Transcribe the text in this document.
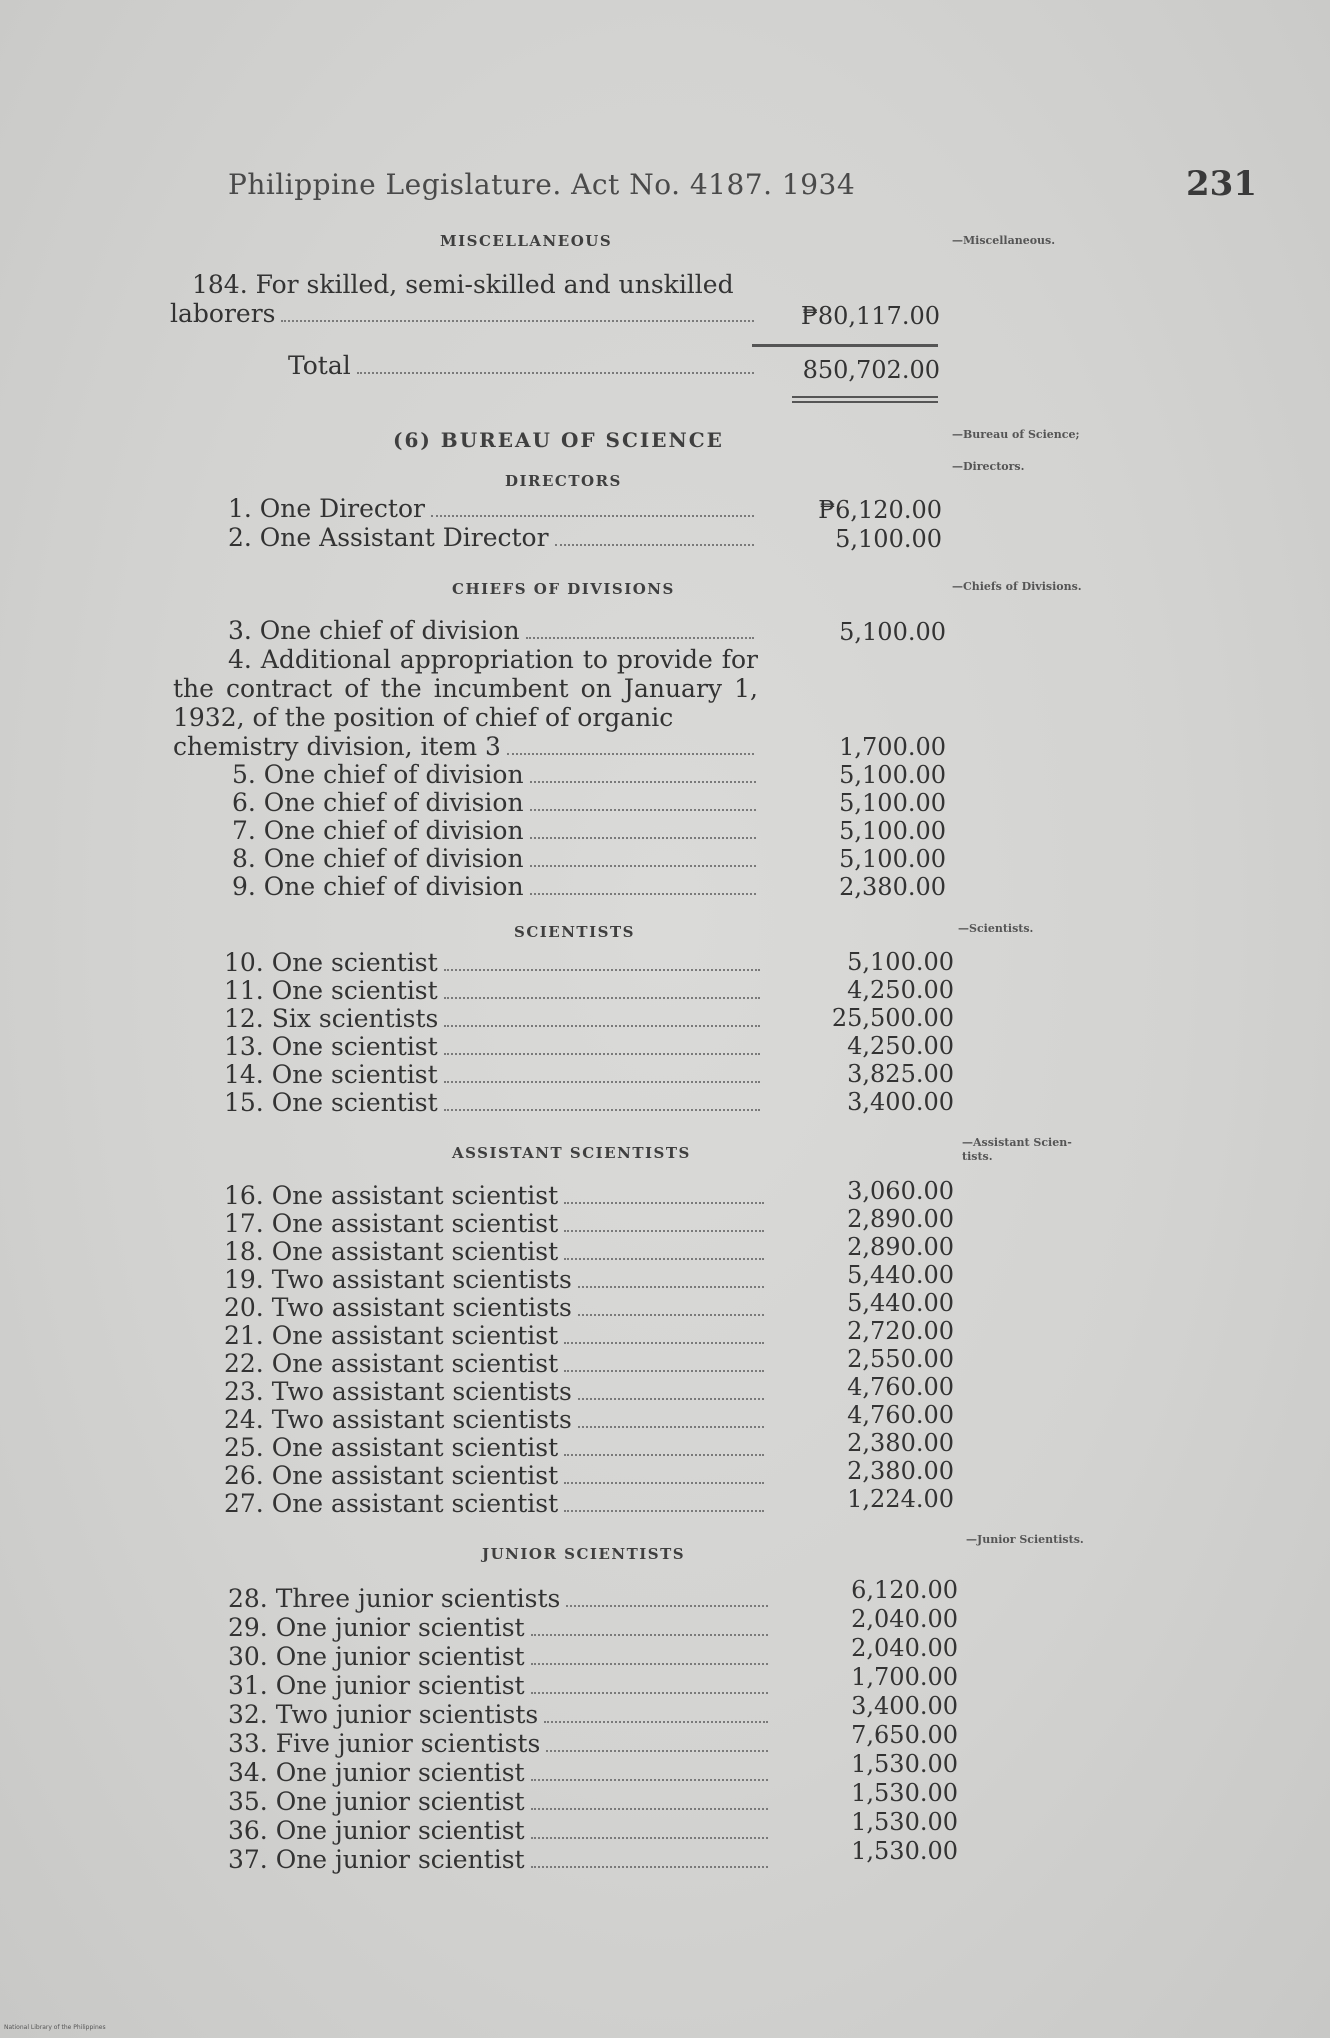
Philippine Legislature. Act No. 4187. 1934	231
MISCELLANEOUS	—Miscellaneous.
184. For skilled, semi-skilled and unskilled
laborers	₱80,117.00
Total	850,702.00
(6) BUREAU OF SCIENCE	—Bureau of Science;
DIRECTORS
—Directors.
1. One Director	₱6,120.00
2. One Assistant Director	5,100.00
CHIEFS OF DIVISIONS	—Chiefs of Divisions.
3. One chief of division	5,100.00
4. Additional appropriation to provide for the contract of the incumbent on January 1, 1932, of the position of chief of organic
chemistry division, item 3	1,700.00
5. One chief of division	5,100.00
6. One chief of division	5,100.00
7. One chief of division	5,100.00
8. One chief of division	5,100.00
9. One chief of division	2,380.00
SCIENTISTS	—Scientists.
10. One scientist	5,100.00
11. One scientist	4,250.00
12. Six scientists	25,500.00
13. One scientist	4,250.00
14. One scientist	3,825.00
15. One scientist	3,400.00
ASSISTANT SCIENTISTS
—Assistant Scien-
tists.
16. One assistant scientist	3,060.00
17. One assistant scientist	2,890.00
18. One assistant scientist	2,890.00
19. Two assistant scientists	5,440.00
20. Two assistant scientists	5,440.00
21. One assistant scientist	2,720.00
22. One assistant scientist	2,550.00
23. Two assistant scientists	4,760.00
24. Two assistant scientists	4,760.00
25. One assistant scientist	2,380.00
26. One assistant scientist	2,380.00
27. One assistant scientist	1,224.00
JUNIOR SCIENTISTS
—Junior Scientists.
28. Three junior scientists	6,120.00
29. One junior scientist	2,040.00
30. One junior scientist	2,040.00
31. One junior scientist	1,700.00
32. Two junior scientists	3,400.00
33. Five junior scientists	7,650.00
34. One junior scientist	1,530.00
35. One junior scientist	1,530.00
36. One junior scientist	1,530.00
37. One junior scientist	1,530.00
National Library of the Philippines
